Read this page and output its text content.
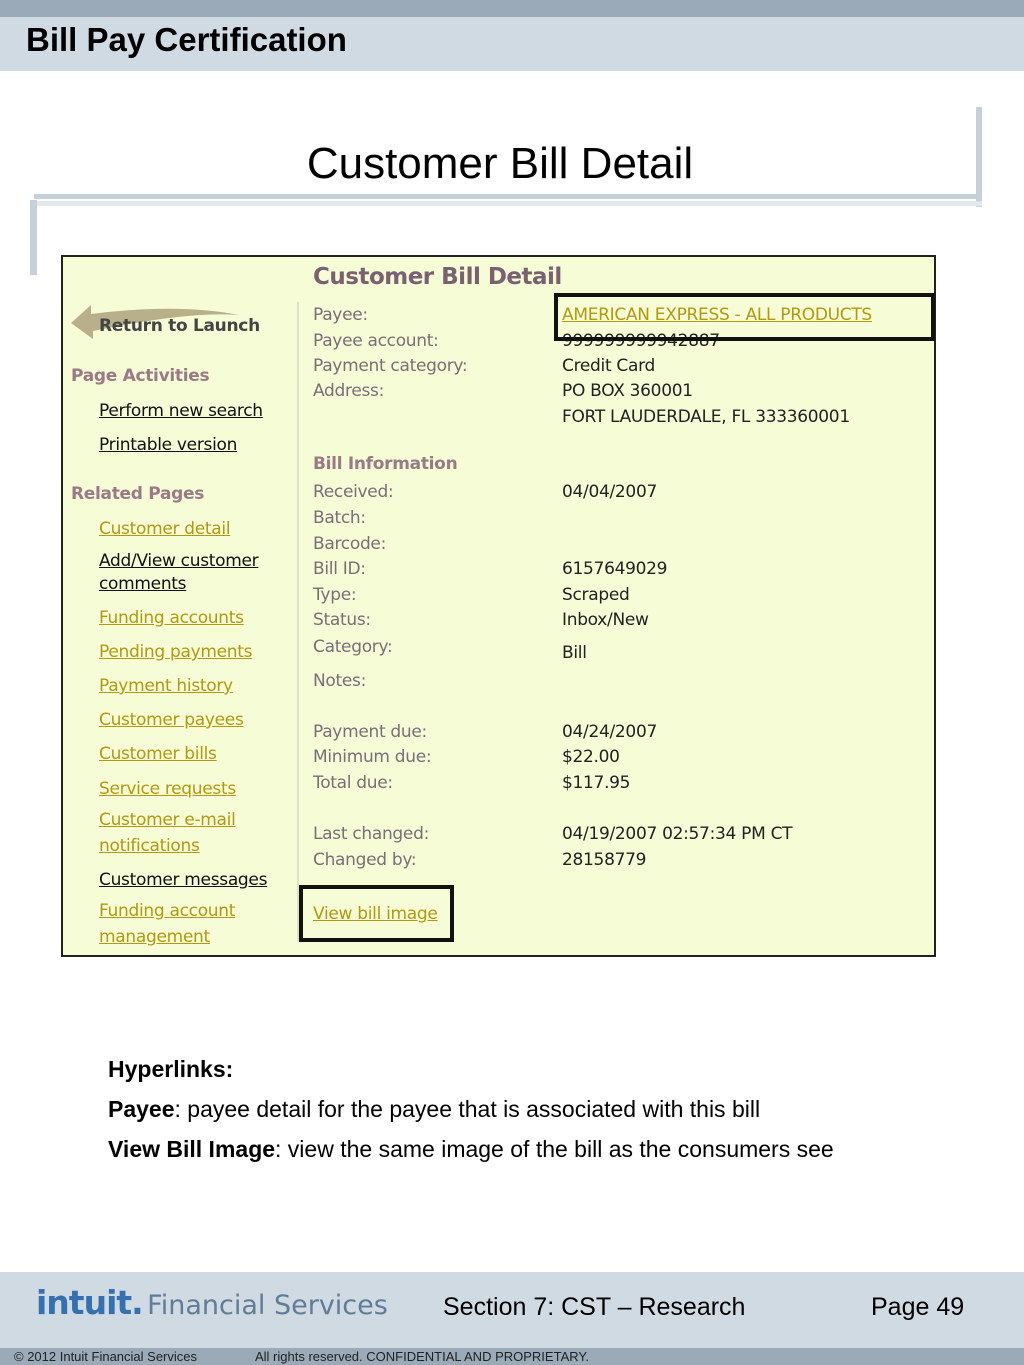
Bill Pay Certification
Customer Bill Detail
Customer Bill Detail
Return to Launch
Page Activities
Perform new search
Printable version
Related Pages
Customer detail
Add/View customer
comments
Funding accounts
Pending payments
Payment history
Customer payees
Customer bills
Service requests
Customer e-mail
notifications
Customer messages
Funding account
management
Payee:	AMERICAN EXPRESS - ALL PRODUCTS
Payee account:	999999999942887
Payment category:	Credit Card
Address:	PO BOX 360001
FORT LAUDERDALE, FL 333360001
Bill Information
Received:	04/04/2007
Batch:
Barcode:
Bill ID:	6157649029
Type:	Scraped
Status:	Inbox/New
Category:	Bill
Notes:
Payment due:	04/24/2007
Minimum due:	$22.00
Total due:	$117.95
Last changed:	04/19/2007 02:57:34 PM CT
Changed by:	28158779
View bill image

Hyperlinks:

Payee: payee detail for the payee that is associated with this bill

View Bill Image: view the same image of the bill as the consumers see

intuit. Financial Services Section 7: CST – Research	Page 49
© 2012 Intuit Financial Services	All rights reserved. CONFIDENTIAL AND PROPRIETARY.
